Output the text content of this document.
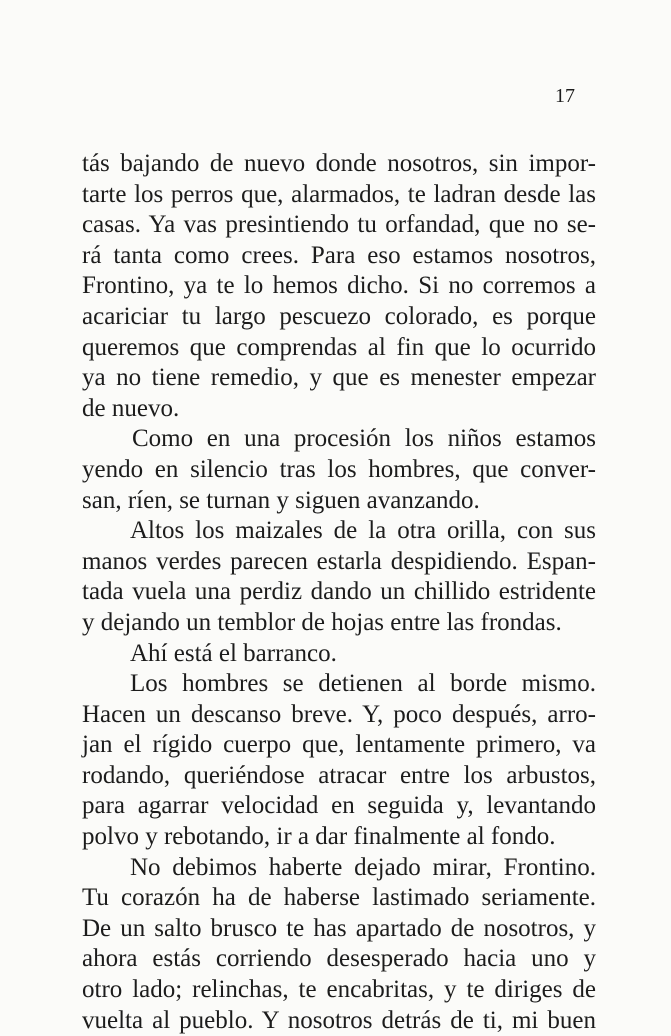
17
tás bajando de nuevo donde nosotros, sin impor-
tarte los perros que, alarmados, te ladran desde las
casas. Ya vas presintiendo tu orfandad, que no se-
rá tanta como crees. Para eso estamos nosotros,
Frontino, ya te lo hemos dicho. Si no corremos a
acariciar tu largo pescuezo colorado, es porque
queremos que comprendas al fin que lo ocurrido
ya no tiene remedio, y que es menester empezar
de nuevo.
Como en una procesión los niños estamos
yendo en silencio tras los hombres, que conver-
san, ríen, se turnan y siguen avanzando.
Altos los maizales de la otra orilla, con sus
manos verdes parecen estarla despidiendo. Espan-
tada vuela una perdiz dando un chillido estridente
y dejando un temblor de hojas entre las frondas.
Ahí está el barranco.
Los hombres se detienen al borde mismo.
Hacen un descanso breve. Y, poco después, arro-
jan el rígido cuerpo que, lentamente primero, va
rodando, queriéndose atracar entre los arbustos,
para agarrar velocidad en seguida y, levantando
polvo y rebotando, ir a dar finalmente al fondo.
No debimos haberte dejado mirar, Frontino.
Tu corazón ha de haberse lastimado seriamente.
De un salto brusco te has apartado de nosotros, y
ahora estás corriendo desesperado hacia uno y
otro lado; relinchas, te encabritas, y te diriges de
vuelta al pueblo. Y nosotros detrás de ti, mi buen
